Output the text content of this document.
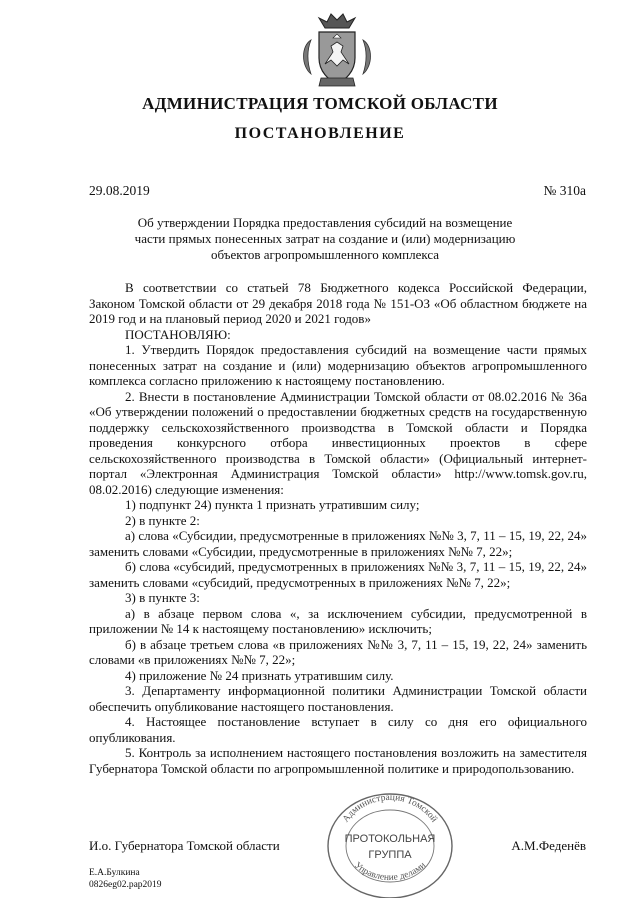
АДМИНИСТРАЦИЯ ТОМСКОЙ ОБЛАСТИ
ПОСТАНОВЛЕНИЕ
29.08.2019	№ 310а
Об утверждении Порядка предоставления субсидий на возмещение
части прямых понесенных затрат на создание и (или) модернизацию
объектов агропромышленного комплекса

В соответствии со статьей 78 Бюджетного кодекса Российской Федерации, Законом Томской области от 29 декабря 2018 года № 151-ОЗ «Об областном бюджете на 2019 год и на плановый период 2020 и 2021 годов»

ПОСТАНОВЛЯЮ:

1. Утвердить Порядок предоставления субсидий на возмещение части прямых понесенных затрат на создание и (или) модернизацию объектов агропромышленного комплекса согласно приложению к настоящему постановлению.

2. Внести в постановление Администрации Томской области от 08.02.2016 № 36а «Об утверждении положений о предоставлении бюджетных средств на государственную поддержку сельскохозяйственного производства в Томской области и Порядка проведения конкурсного отбора инвестиционных проектов в сфере сельскохозяйственного производства в Томской области» (Официальный интернет-портал «Электронная Администрация Томской области» http://www.tomsk.gov.ru, 08.02.2016) следующие изменения:

1) подпункт 24) пункта 1 признать утратившим силу;

2) в пункте 2:

а) слова «Субсидии, предусмотренные в приложениях №№ 3, 7, 11 – 15, 19, 22, 24» заменить словами «Субсидии, предусмотренные в приложениях №№ 7, 22»;

б) слова «субсидий, предусмотренных в приложениях №№ 3, 7, 11 – 15, 19, 22, 24» заменить словами «субсидий, предусмотренных в приложениях №№ 7, 22»;

3) в пункте 3:

а) в абзаце первом слова «, за исключением субсидии, предусмотренной в приложении № 14 к настоящему постановлению» исключить;

б) в абзаце третьем слова «в приложениях №№ 3, 7, 11 – 15, 19, 22, 24» заменить словами «в приложениях №№ 7, 22»;

4) приложение № 24 признать утратившим силу.

3. Департаменту информационной политики Администрации Томской области обеспечить опубликование настоящего постановления.

4. Настоящее постановление вступает в силу со дня его официального опубликования.

5. Контроль за исполнением настоящего постановления возложить на заместителя Губернатора Томской области по агропромышленной политике и природопользованию.

Администрация Томской
Управление делами
ПРОТОКОЛЬНАЯ
ГРУППА
И.о. Губернатора Томской области	А.М.Феденёв
Е.А.Булкина
0826eg02.pap2019
